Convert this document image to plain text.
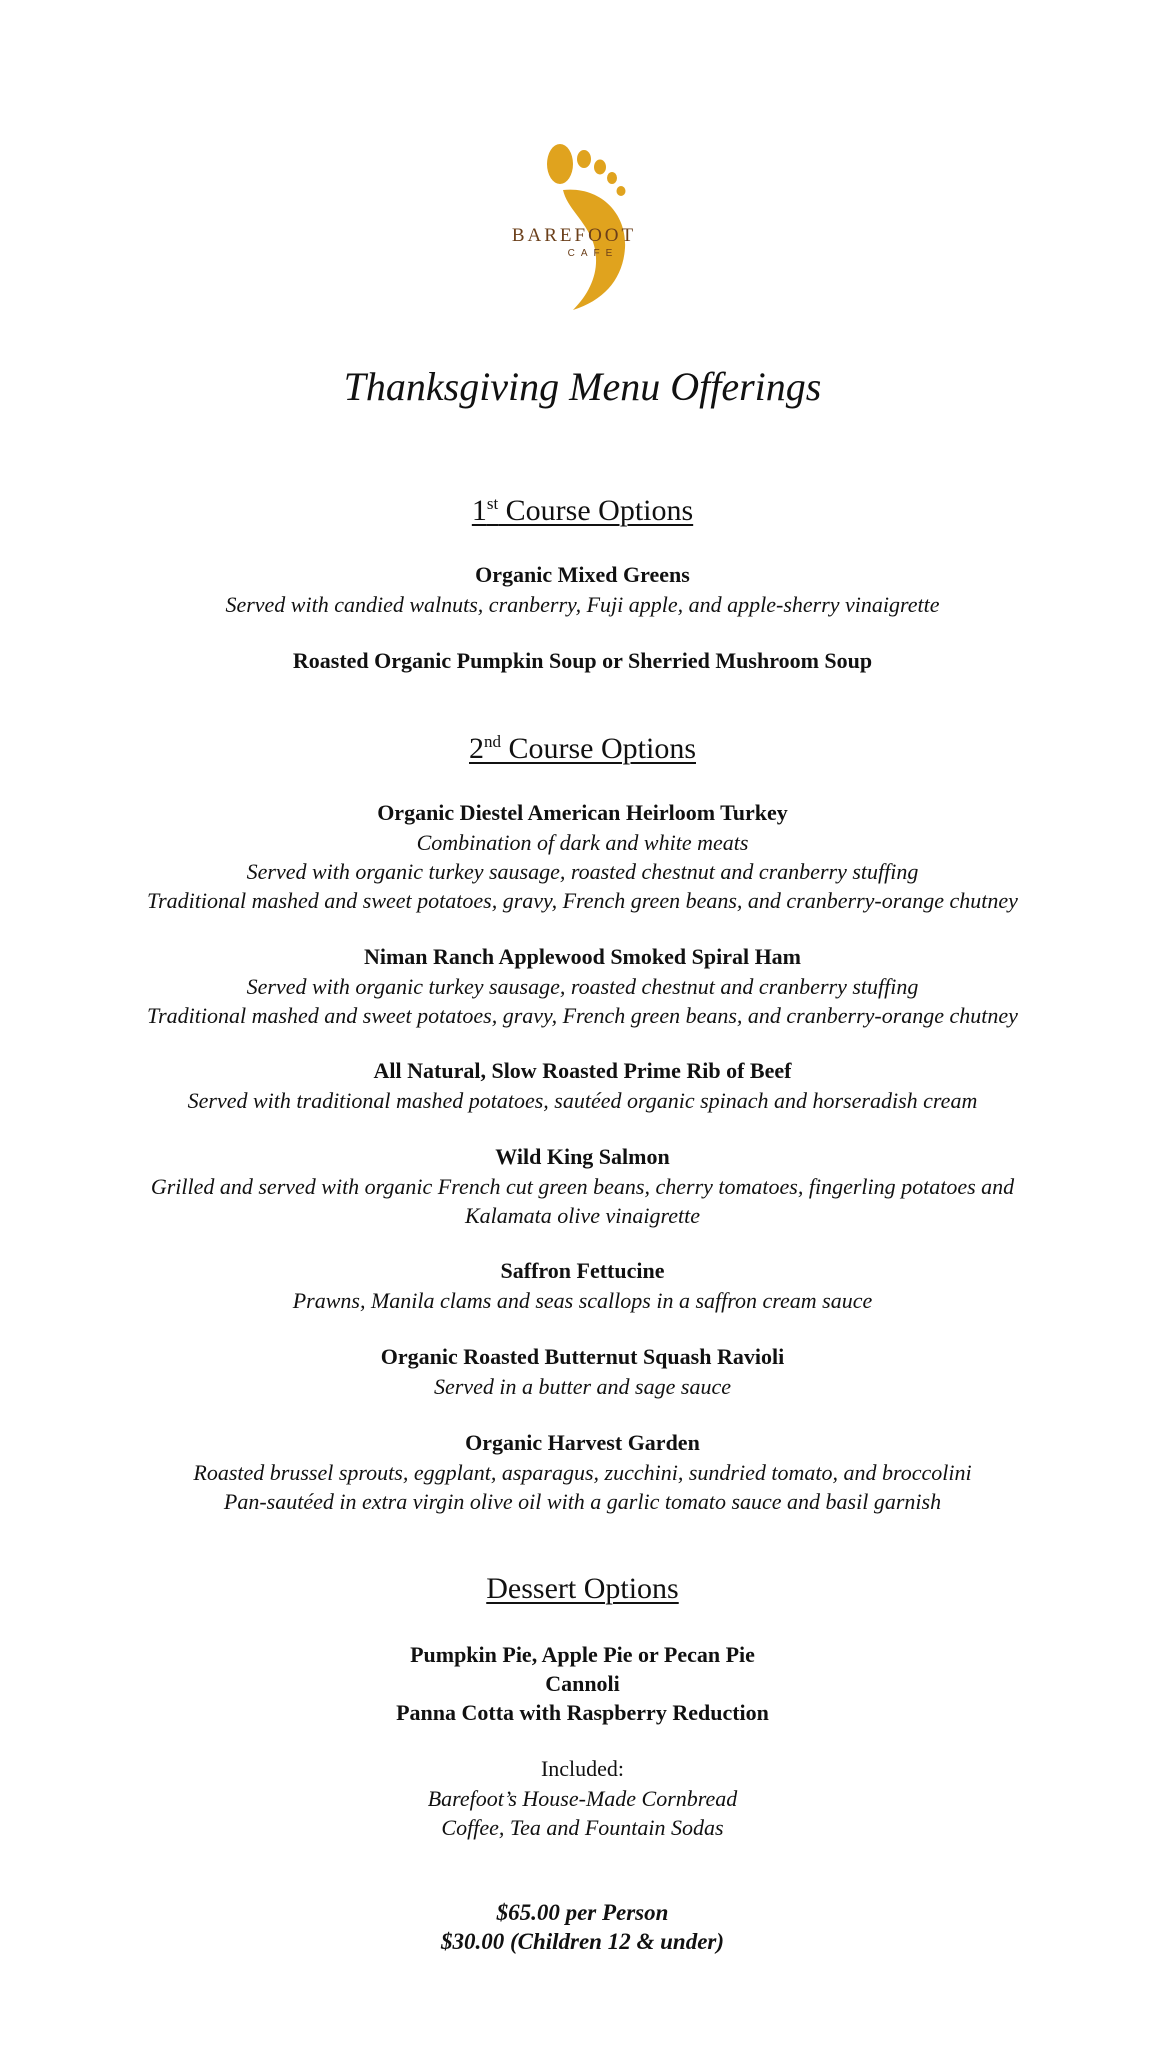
BAREFOOT
CAFE
Thanksgiving Menu Offerings
1st Course Options
Organic Mixed Greens
Served with candied walnuts, cranberry, Fuji apple, and apple-sherry vinaigrette
Roasted Organic Pumpkin Soup or Sherried Mushroom Soup
2nd Course Options
Organic Diestel American Heirloom Turkey
Combination of dark and white meats
Served with organic turkey sausage, roasted chestnut and cranberry stuffing
Traditional mashed and sweet potatoes, gravy, French green beans, and cranberry-orange chutney
Niman Ranch Applewood Smoked Spiral Ham
Served with organic turkey sausage, roasted chestnut and cranberry stuffing
Traditional mashed and sweet potatoes, gravy, French green beans, and cranberry-orange chutney
All Natural, Slow Roasted Prime Rib of Beef
Served with traditional mashed potatoes, sautéed organic spinach and horseradish cream
Wild King Salmon
Grilled and served with organic French cut green beans, cherry tomatoes, fingerling potatoes and
Kalamata olive vinaigrette
Saffron Fettucine
Prawns, Manila clams and seas scallops in a saffron cream sauce
Organic Roasted Butternut Squash Ravioli
Served in a butter and sage sauce
Organic Harvest Garden
Roasted brussel sprouts, eggplant, asparagus, zucchini, sundried tomato, and broccolini
Pan-sautéed in extra virgin olive oil with a garlic tomato sauce and basil garnish
Dessert Options
Pumpkin Pie, Apple Pie or Pecan Pie
Cannoli
Panna Cotta with Raspberry Reduction
Included:
Barefoot’s House-Made Cornbread
Coffee, Tea and Fountain Sodas
$65.00 per Person
$30.00 (Children 12 & under)
